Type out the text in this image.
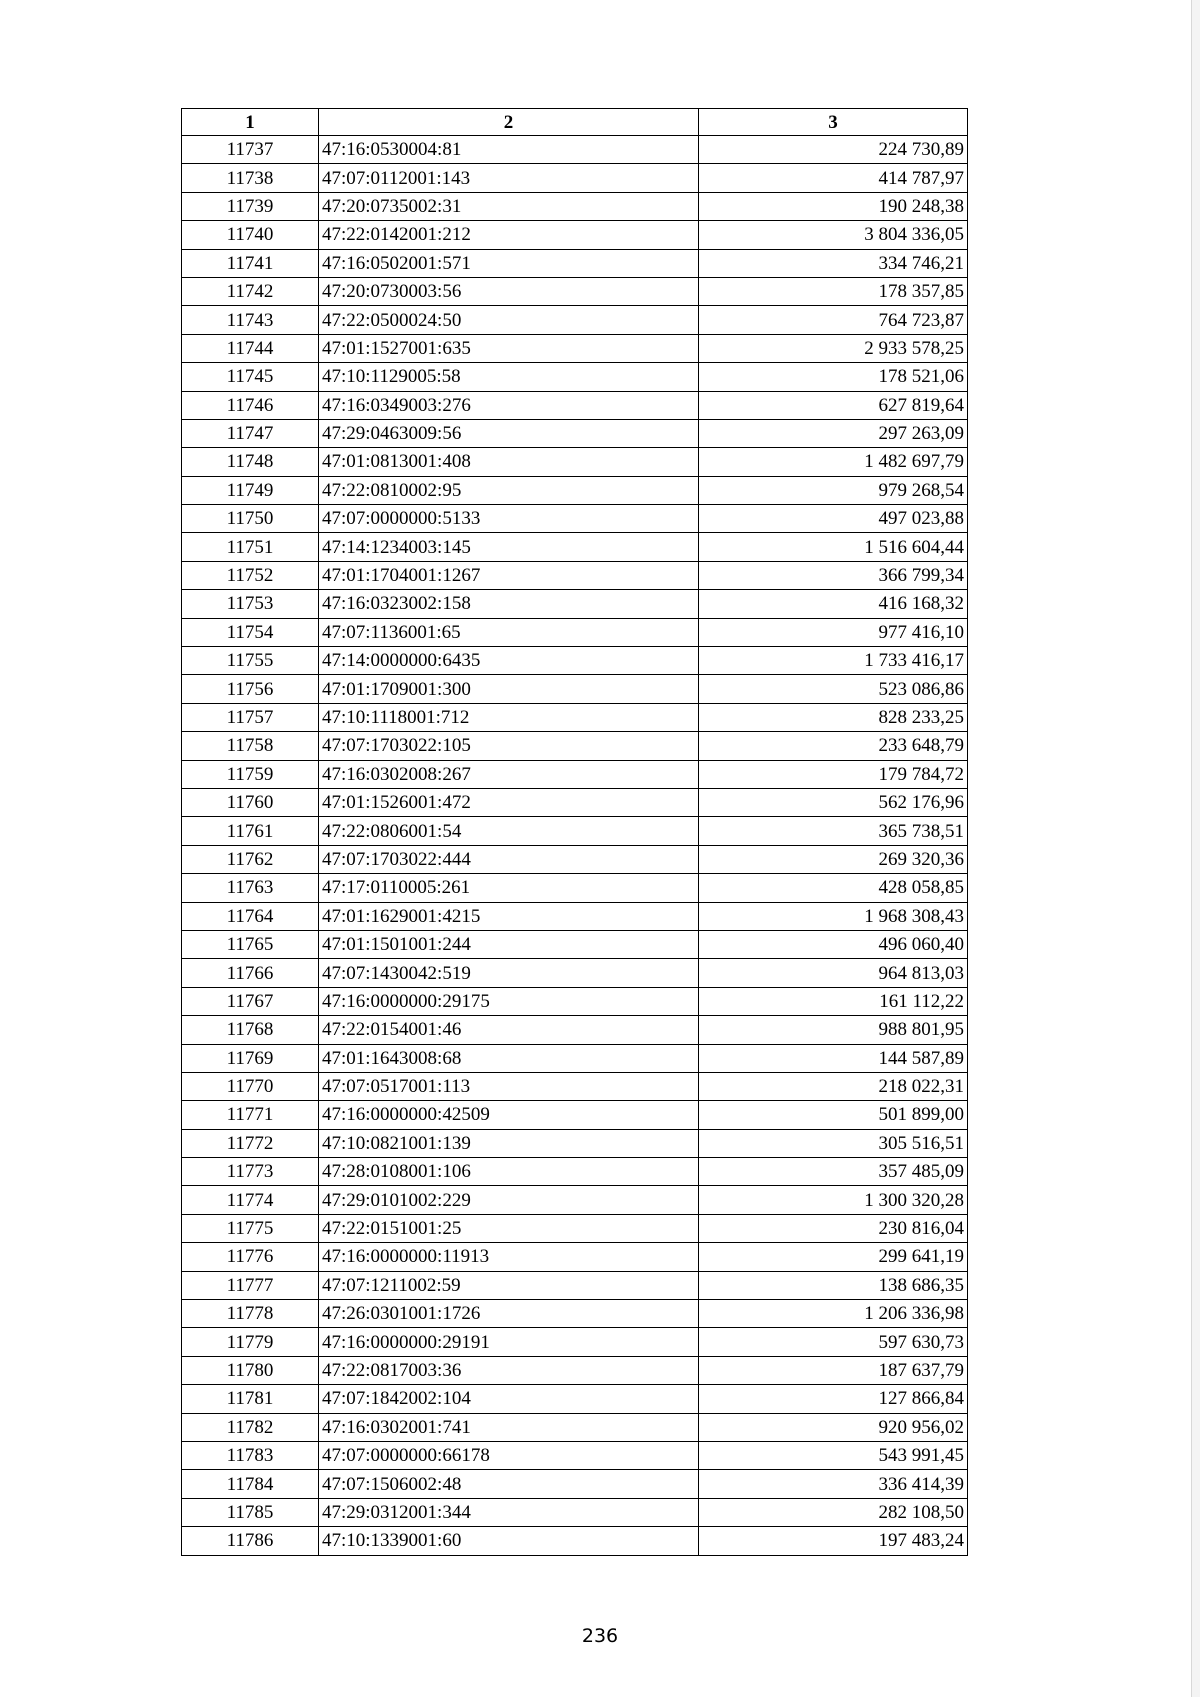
1	2	3
11737	47:16:0530004:81	224 730,89
11738	47:07:0112001:143	414 787,97
11739	47:20:0735002:31	190 248,38
11740	47:22:0142001:212	3 804 336,05
11741	47:16:0502001:571	334 746,21
11742	47:20:0730003:56	178 357,85
11743	47:22:0500024:50	764 723,87
11744	47:01:1527001:635	2 933 578,25
11745	47:10:1129005:58	178 521,06
11746	47:16:0349003:276	627 819,64
11747	47:29:0463009:56	297 263,09
11748	47:01:0813001:408	1 482 697,79
11749	47:22:0810002:95	979 268,54
11750	47:07:0000000:5133	497 023,88
11751	47:14:1234003:145	1 516 604,44
11752	47:01:1704001:1267	366 799,34
11753	47:16:0323002:158	416 168,32
11754	47:07:1136001:65	977 416,10
11755	47:14:0000000:6435	1 733 416,17
11756	47:01:1709001:300	523 086,86
11757	47:10:1118001:712	828 233,25
11758	47:07:1703022:105	233 648,79
11759	47:16:0302008:267	179 784,72
11760	47:01:1526001:472	562 176,96
11761	47:22:0806001:54	365 738,51
11762	47:07:1703022:444	269 320,36
11763	47:17:0110005:261	428 058,85
11764	47:01:1629001:4215	1 968 308,43
11765	47:01:1501001:244	496 060,40
11766	47:07:1430042:519	964 813,03
11767	47:16:0000000:29175	161 112,22
11768	47:22:0154001:46	988 801,95
11769	47:01:1643008:68	144 587,89
11770	47:07:0517001:113	218 022,31
11771	47:16:0000000:42509	501 899,00
11772	47:10:0821001:139	305 516,51
11773	47:28:0108001:106	357 485,09
11774	47:29:0101002:229	1 300 320,28
11775	47:22:0151001:25	230 816,04
11776	47:16:0000000:11913	299 641,19
11777	47:07:1211002:59	138 686,35
11778	47:26:0301001:1726	1 206 336,98
11779	47:16:0000000:29191	597 630,73
11780	47:22:0817003:36	187 637,79
11781	47:07:1842002:104	127 866,84
11782	47:16:0302001:741	920 956,02
11783	47:07:0000000:66178	543 991,45
11784	47:07:1506002:48	336 414,39
11785	47:29:0312001:344	282 108,50
11786	47:10:1339001:60	197 483,24
236
